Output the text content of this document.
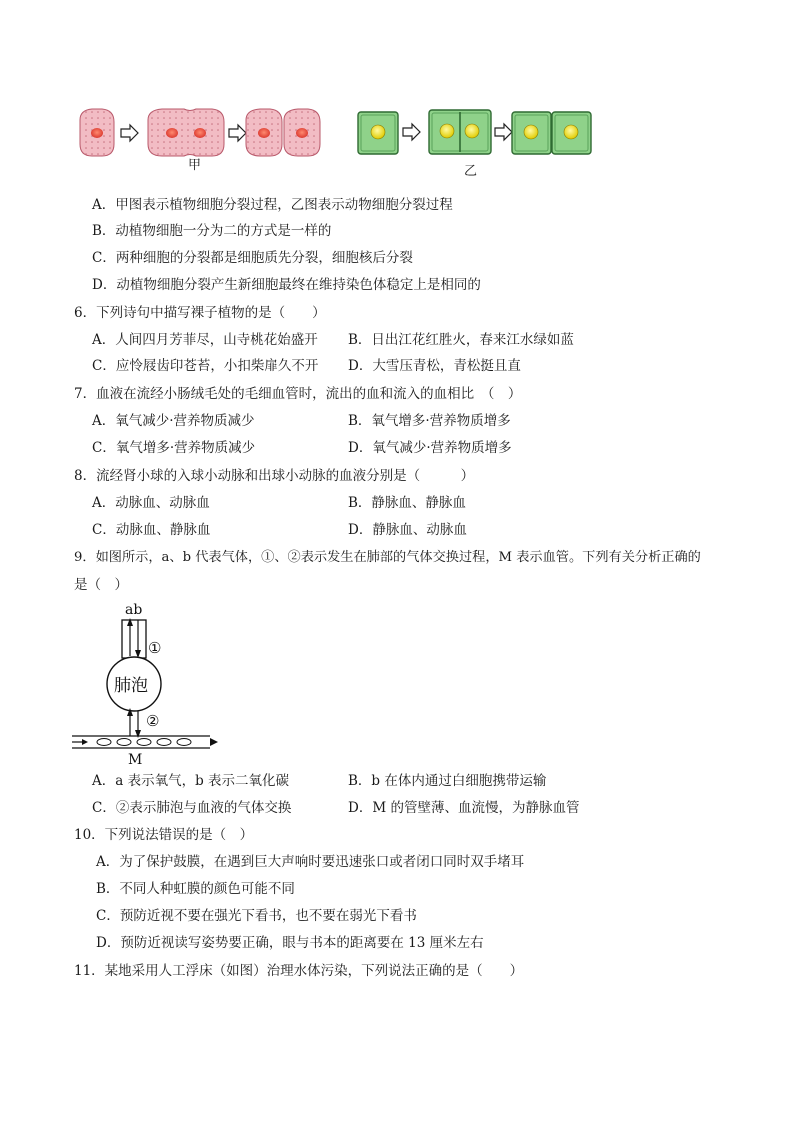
甲	乙
A．甲图表示植物细胞分裂过程，乙图表示动物细胞分裂过程
B．动植物细胞一分为二的方式是一样的
C．两种细胞的分裂都是细胞质先分裂，细胞核后分裂
D．动植物细胞分裂产生新细胞最终在维持染色体稳定上是相同的
6．下列诗句中描写裸子植物的是（　　）
A．人间四月芳菲尽，山寺桃花始盛开 B．日出江花红胜火，春来江水绿如蓝
C．应怜屐齿印苍苔，小扣柴扉久不开 D．大雪压青松，青松挺且直
7．血液在流经小肠绒毛处的毛细血管时，流出的血和流入的血相比　（　）
A．氧气减少·营养物质减少	B．氧气增多·营养物质增多
C．氧气增多·营养物质减少	D．氧气减少·营养物质增多
8．流经肾小球的入球小动脉和出球小动脉的血液分别是（　　　）
A．动脉血、动脉血	B．静脉血、静脉血
C．动脉血、静脉血	D．静脉血、动脉血
9．如图所示，a、b 代表气体，①、②表示发生在肺部的气体交换过程，M 表示血管。下列有关分析正确的
是（　）
ab
①
肺泡
②
M
A．a 表示氧气，b 表示二氧化碳	B．b 在体内通过白细胞携带运输
C．②表示肺泡与血液的气体交换	D．M 的管壁薄、血流慢，为静脉血管
10．下列说法错误的是（　）
A．为了保护鼓膜，在遇到巨大声响时要迅速张口或者闭口同时双手堵耳
B．不同人种虹膜的颜色可能不同
C．预防近视不要在强光下看书，也不要在弱光下看书
D．预防近视读写姿势要正确，眼与书本的距离要在 13 厘米左右
11．某地采用人工浮床（如图）治理水体污染，下列说法正确的是（　　）
